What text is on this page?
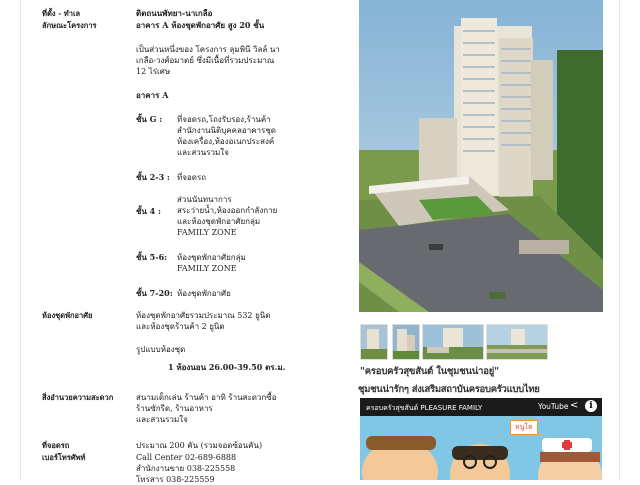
ที่ตั้ง - ทำเล	ติดถนนพัทยา-นาเกลือ
ลักษณะโครงการ	อาคาร A ห้องชุดพักอาศัย สูง 20 ชั้น
เป็นส่วนหนึ่งของ โครงการ ลุมพินี วิลล์ นาเกลือ-วงศ์อมาตย์ ซึ่งมีเนื้อที่รวมประมาณ 12 ไร่เศษ
อาคาร A
ชั้น G :	ที่จอดรถ,โถงรับรอง,ร้านค้า
สำนักงานนิติบุคคลอาคารชุด
ห้องเครื่อง,ห้องอเนกประสงค์
และสวนรวมใจ
ชั้น 2-3 : ที่จอดรถ
ชั้น 4 :
ส่วนนันทนาการ
สระว่ายน้ำ,ห้องออกกำลังกาย
และห้องชุดพักอาศัยกลุ่ม
FAMILY ZONE
ชั้น 5-6:	ห้องชุดพักอาศัยกลุ่ม
FAMILY ZONE
ชั้น 7-20: ห้องชุดพักอาศัย
ห้องชุดพักอาศัย	ห้องชุดพักอาศัยรวมประมาณ 532 ยูนิต
และห้องชุดร้านค้า 2 ยูนิต
รูปแบบห้องชุด
1 ห้องนอน 26.00-39.50 ตร.ม.
สิ่งอำนวยความสะดวก	สนามเด็กเล่น ร้านค้า อาทิ ร้านสะดวกซื้อ
ร้านซักรีด, ร้านอาหาร
และสวนรวมใจ
ที่จอดรถ	ประมาณ 200 คัน (รวมจอดซ้อนคัน)
เบอร์โทรศัพท์	Call Center 02-689-6888
สำนักงานขาย 038-225558
โทรสาร 038-225559
"ครอบครัวสุขสันต์ ในชุมชนน่าอยู่"
ชุมชนน่ารักๆ ส่งเสริมสถาบันครอบครัวแบบไทย
ครอบครัวสุขสันต์ PLEASURE FAMILY	YouTube <	i
หนูโต
